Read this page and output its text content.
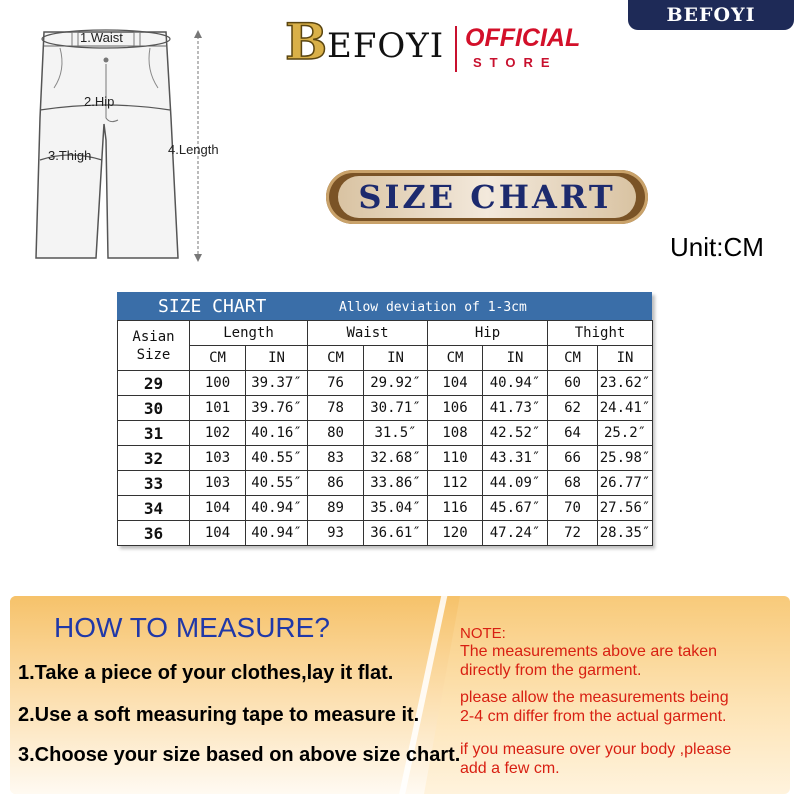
BEFOYI
1.Waist
2.Hip
3.Thigh	4.Length
B EFOYI OFFICIAL
STORE
SIZE CHART
Unit:CM
SIZE CHART	Allow deviation of 1-3cm
Asian
Size	Length		Waist		Hip		Thight	
	CM	IN	CM	IN	CM	IN	CM	IN
29	100	39.37″	76	29.92″	104	40.94″	60	23.62″
30	101	39.76″	78	30.71″	106	41.73″	62	24.41″
31	102	40.16″	80	31.5″	108	42.52″	64	25.2″
32	103	40.55″	83	32.68″	110	43.31″	66	25.98″
33	103	40.55″	86	33.86″	112	44.09″	68	26.77″
34	104	40.94″	89	35.04″	116	45.67″	70	27.56″
36	104	40.94″	93	36.61″	120	47.24″	72	28.35″
HOW TO MEASURE?
1.Take a piece of your clothes,lay it flat.
2.Use a soft measuring tape to measure it.
3.Choose your size based on above size chart.
NOTE:
The measurements above are taken
directly from the garment.
please allow the measurements being
2-4 cm differ from the actual garment.
if you measure over your body ,please
add a few cm.
